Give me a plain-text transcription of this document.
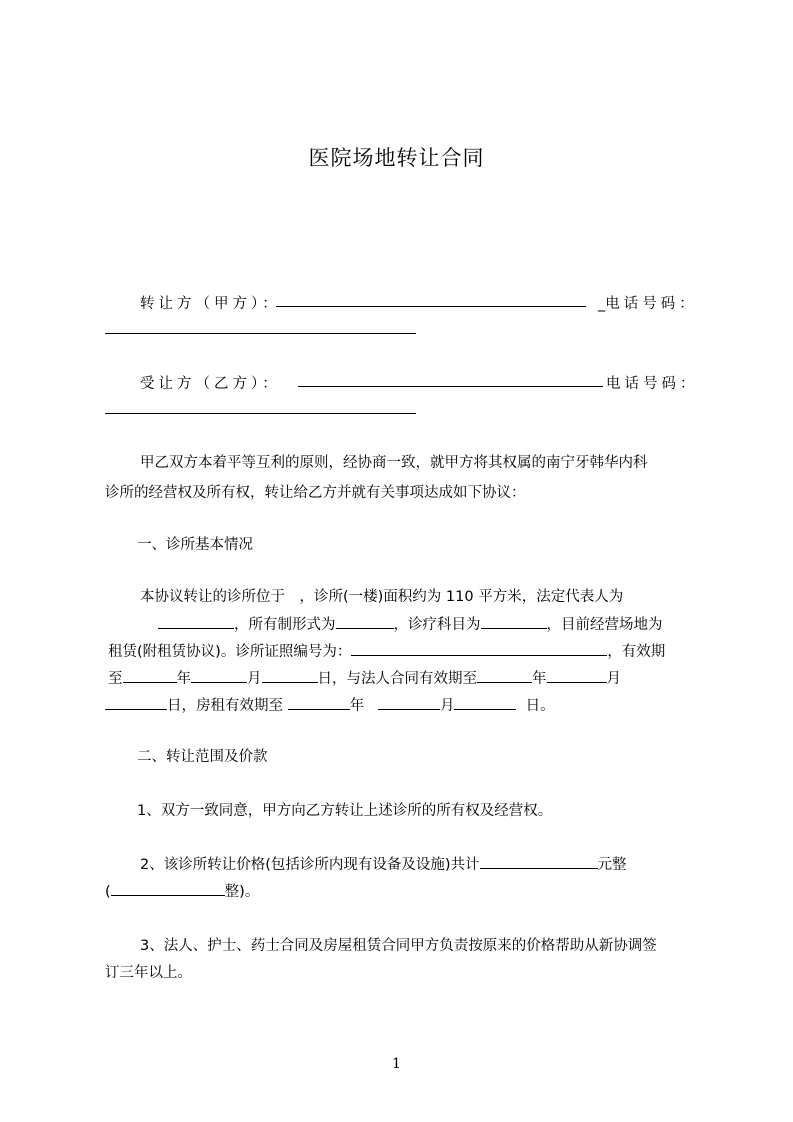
医院场地转让合同
转让方（甲方）：	_电话号码：
受让方（乙方）：	电话号码：
甲乙双方本着平等互利的原则，经协商一致，就甲方将其权属的南宁牙韩华内科
诊所的经营权及所有权，转让给乙方并就有关事项达成如下协议：
一、诊所基本情况
本协议转让的诊所位于　，诊所(一楼)面积约为 110 平方米，法定代表人为
，所有制形式为	，诊疗科目为	，目前经营场地为
租赁(附租赁协议)。诊所证照编号为：	，有效期
至	年	月	日，与法人合同有效期至	年	月
日，房租有效期至	年	月	日。
二、转让范围及价款
1、双方一致同意，甲方向乙方转让上述诊所的所有权及经营权。
2、该诊所转让价格(包括诊所内现有设备及设施)共计	元整
(	整)。
3、法人、护士、药士合同及房屋租赁合同甲方负责按原来的价格帮助从新协调签
订三年以上。
1
